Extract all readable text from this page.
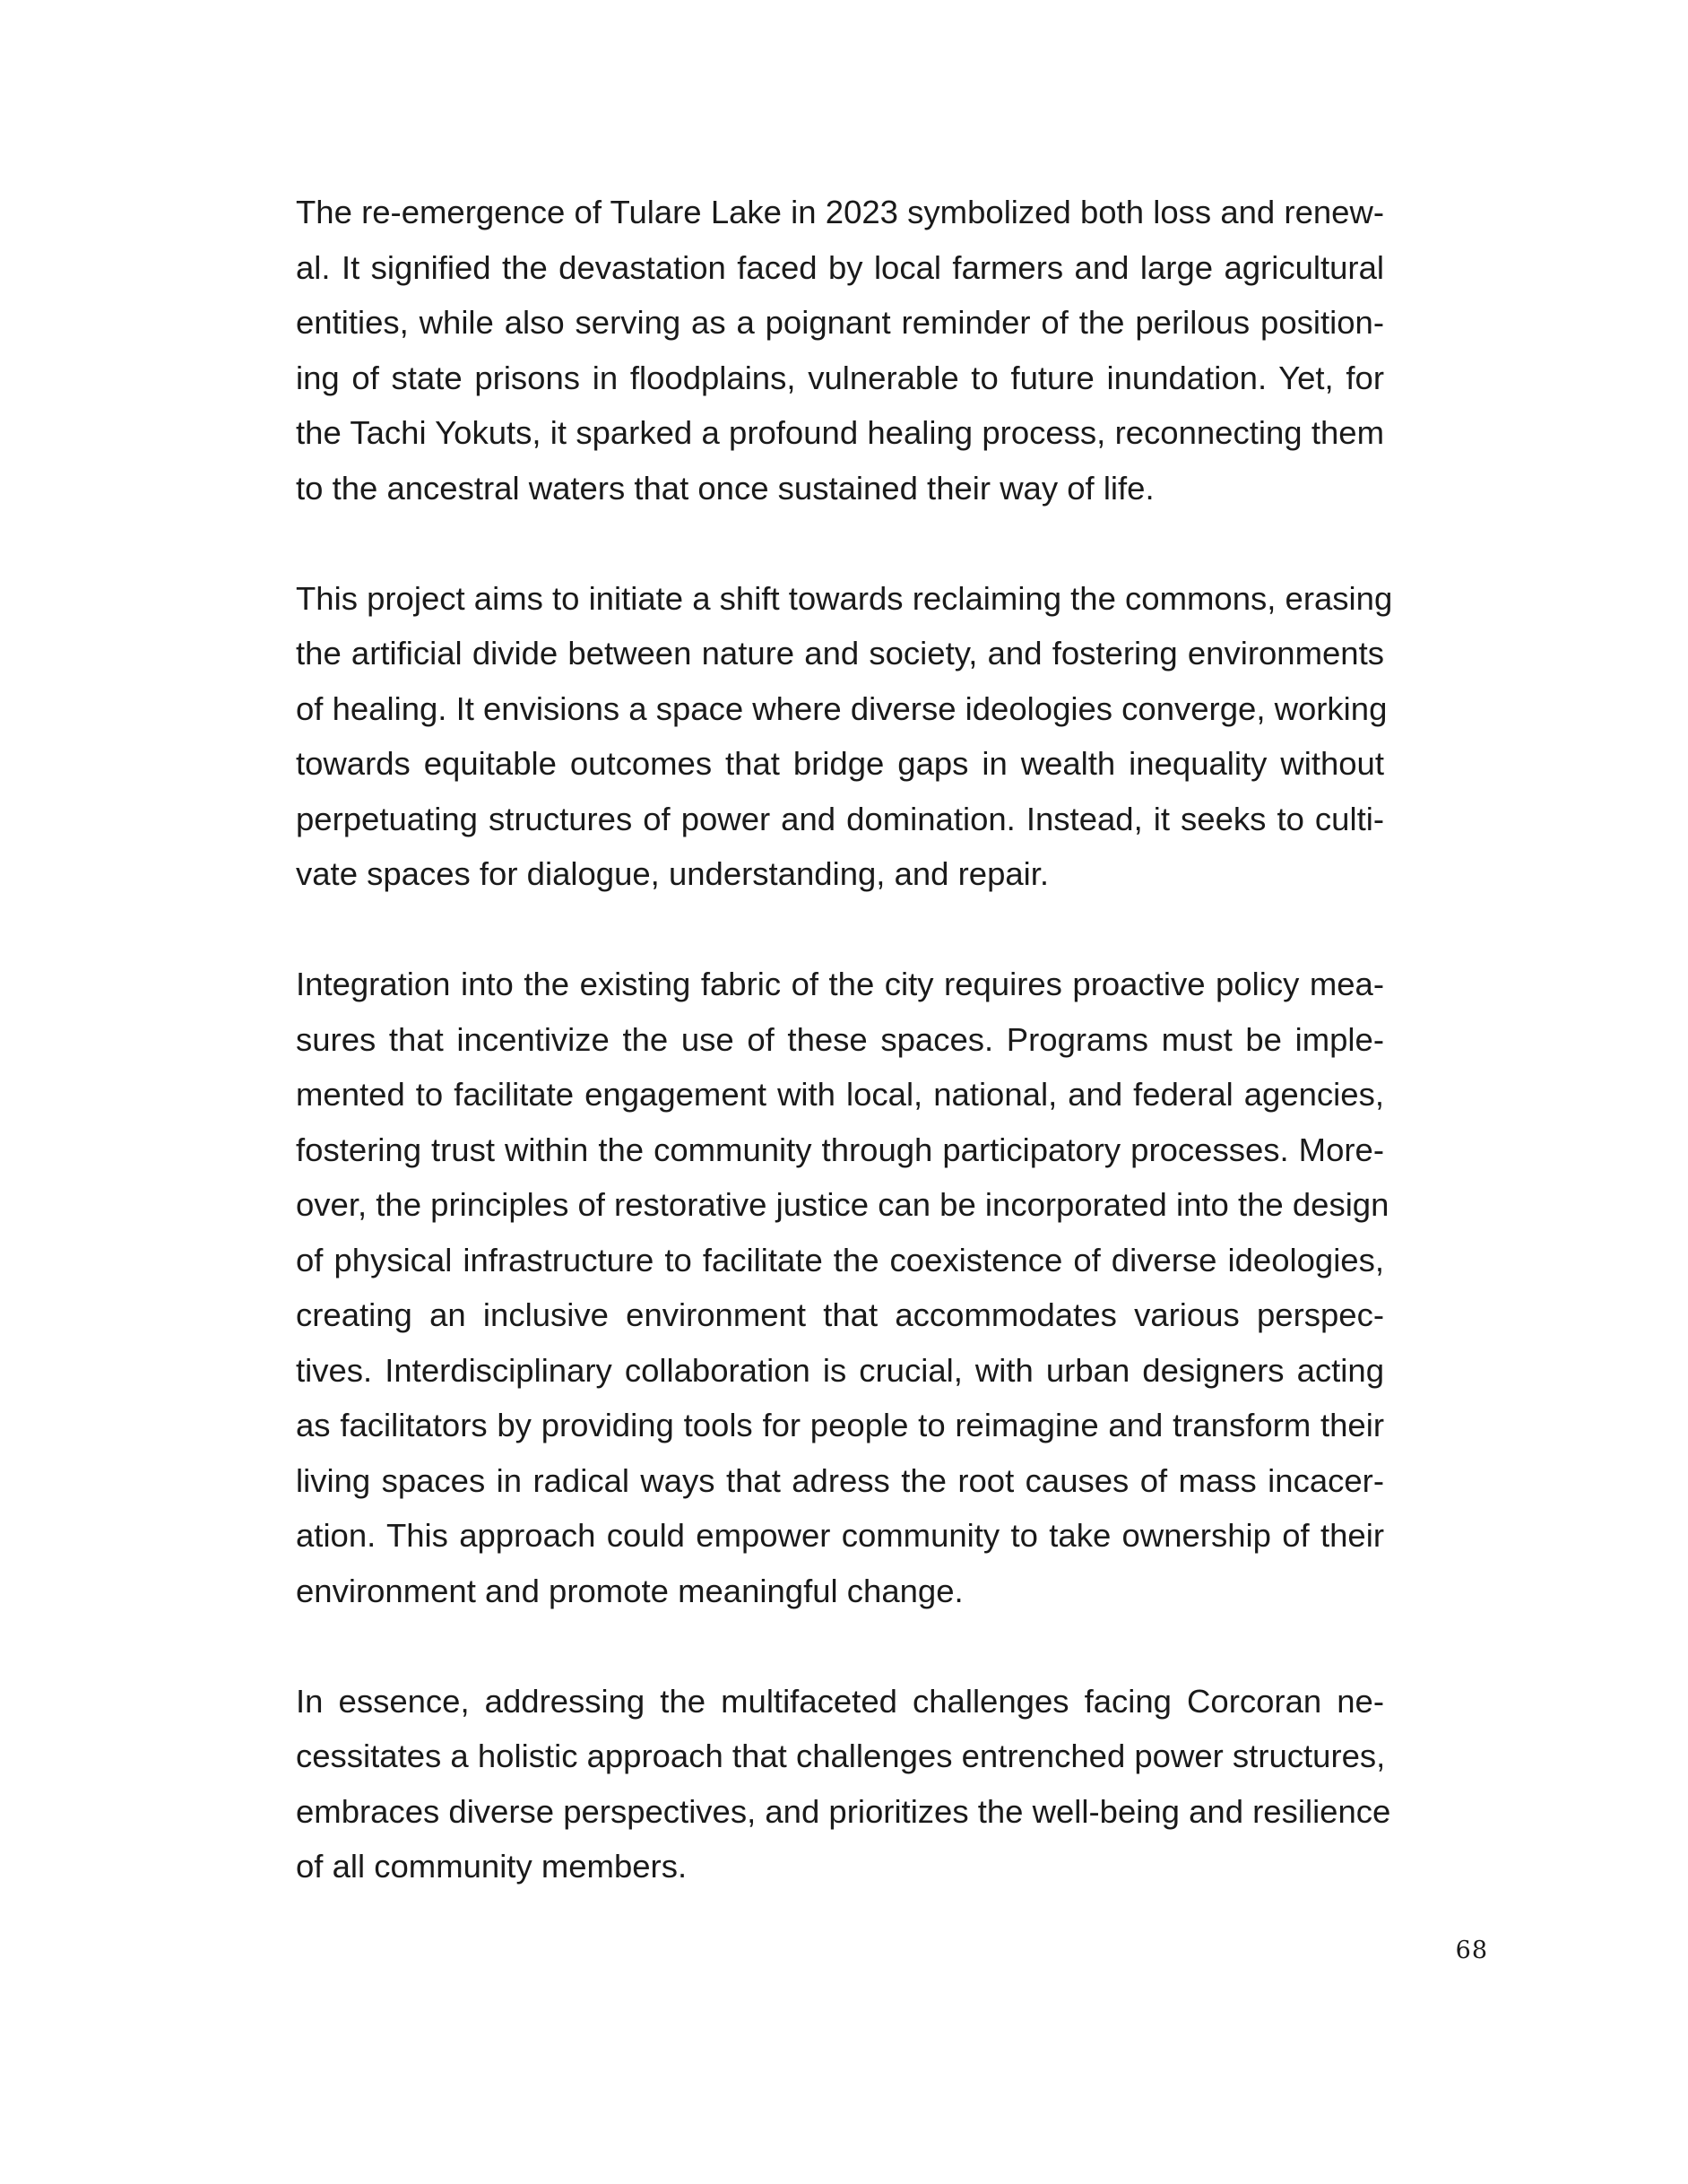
The re-emergence of Tulare Lake in 2023 symbolized both loss and renew-
al. It signified the devastation faced by local farmers and large agricultural
entities, while also serving as a poignant reminder of the perilous position-
ing of state prisons in floodplains, vulnerable to future inundation. Yet, for
the Tachi Yokuts, it sparked a profound healing process, reconnecting them
to the ancestral waters that once sustained their way of life.

This project aims to initiate a shift towards reclaiming the commons, erasing
the artificial divide between nature and society, and fostering environments
of healing. It envisions a space where diverse ideologies converge, working
towards equitable outcomes that bridge gaps in wealth inequality without
perpetuating structures of power and domination. Instead, it seeks to culti-
vate spaces for dialogue, understanding, and repair.

Integration into the existing fabric of the city requires proactive policy mea-
sures that incentivize the use of these spaces. Programs must be imple-
mented to facilitate engagement with local, national, and federal agencies,
fostering trust within the community through participatory processes. More-
over, the principles of restorative justice can be incorporated into the design
of physical infrastructure to facilitate the coexistence of diverse ideologies,
creating an inclusive environment that accommodates various perspec-
tives. Interdisciplinary collaboration is crucial, with urban designers acting
as facilitators by providing tools for people to reimagine and transform their
living spaces in radical ways that adress the root causes of mass incacer-
ation. This approach could empower community to take ownership of their
environment and promote meaningful change.

In essence, addressing the multifaceted challenges facing Corcoran ne-
cessitates a holistic approach that challenges entrenched power structures,
embraces diverse perspectives, and prioritizes the well-being and resilience
of all community members.

68
